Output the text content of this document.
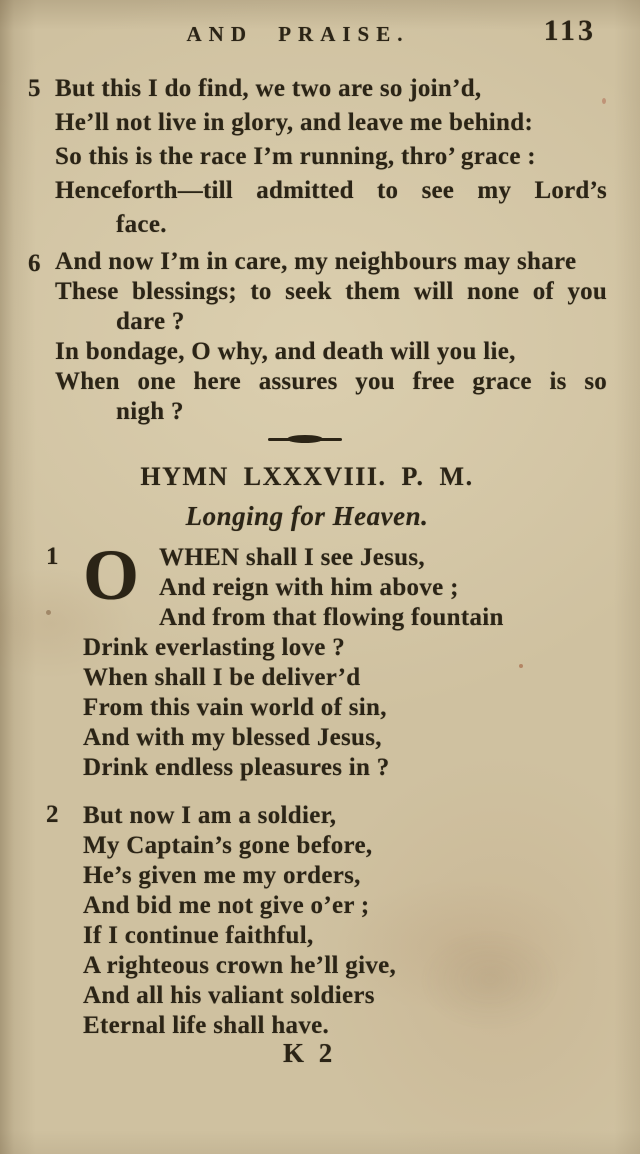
AND PRAISE.	113
5 But this I do find, we two are so join’d,
He’ll not live in glory, and leave me behind:
So this is the race I’m running, thro’ grace :
Henceforth—till admitted to see my Lord’s
face.
6 And now I’m in care, my neighbours may share
These blessings; to seek them will none of you
dare ?
In bondage, O why, and death will you lie,
When one here assures you free grace is so
nigh ?
1 O WHEN shall I see Jesus,
And reign with him above ;
And from that flowing fountain
Drink everlasting love ?
When shall I be deliver’d
From this vain world of sin,
And with my blessed Jesus,
Drink endless pleasures in ?
2 But now I am a soldier,
My Captain’s gone before,
He’s given me my orders,
And bid me not give o’er ;
If I continue faithful,
A righteous crown he’ll give,
And all his valiant soldiers
Eternal life shall have.
HYMN LXXXVIII. P. M.
Longing for Heaven.
K 2
